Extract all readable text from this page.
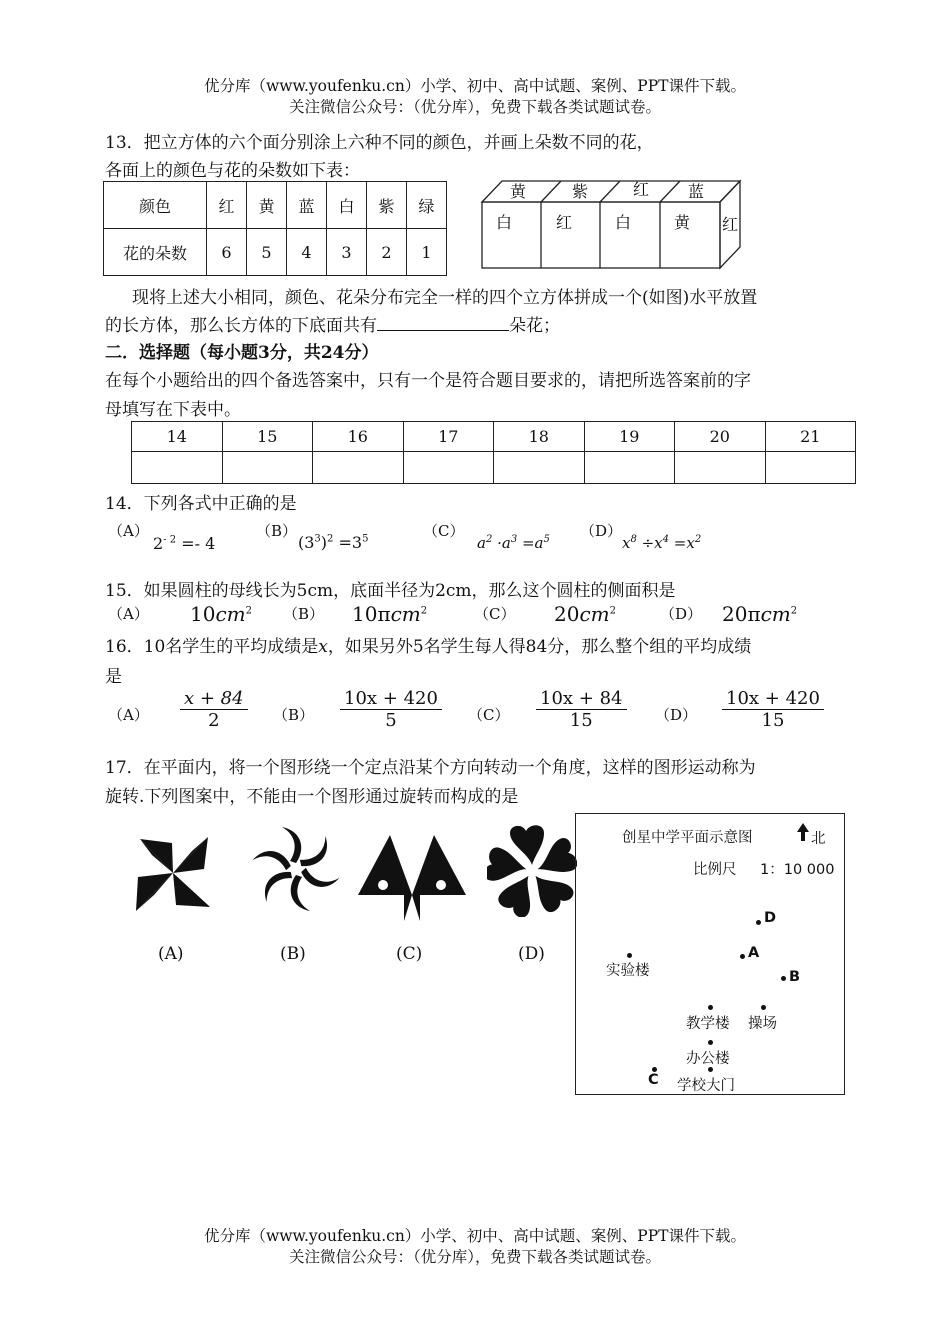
优分库（www.youfenku.cn）小学、初中、高中试题、案例、PPT课件下载。
关注微信公众号：（优分库），免费下载各类试题试卷。
13．把立方体的六个面分别涂上六种不同的颜色，并画上朵数不同的花，
各面上的颜色与花的朵数如下表：
颜色	红	黄	蓝	白	紫	绿
花的朵数	6	5	4	3	2	1
黄	紫	红 蓝
白	红	白	黄 红
现将上述大小相同，颜色、花朵分布完全一样的四个立方体拼成一个(如图)水平放置
的长方体，那么长方体的下底面共有	朵花；
二．选择题（每小题3分，共24分）
在每个小题给出的四个备选答案中，只有一个是符合题目要求的，请把所选答案前的字
母填写在下表中。
14	15	16	17	18	19	20	21

14．下列各式中正确的是
（A）	（B）	（C）	（D）
$2^{- 2} =- 4$	$(3^3)^2 =3^5$	$a^2 \cdot a^3 =a^5$	$x^8 \div x^4 =x^2$
15．如果圆柱的母线长为5cm，底面半径为2cm，那么这个圆柱的侧面积是
（A）	（B）	（C）	（D）
$10cm^2$	10πcm$^2$	$20cm^2$	20πcm$^2$
16．10名学生的平均成绩是x，如果另外5名学生每人得84分，那么整个组的平均成绩
是
（A）	（B）	（C）	（D）
$\frac{x + 84}{2}$	$\frac{10x + 420}{5}$	$\frac{10x + 84}{15}$	$\frac{10x + 420}{15}$
17．在平面内，将一个图形绕一个定点沿某个方向转动一个角度，这样的图形运动称为
旋转.下列图案中，不能由一个图形通过旋转而构成的是
(A)	(B)	(C)	(D)
创星中学平面示意图	北
比例尺 1：10 000
D
A
B
实验楼
教学楼 操场
办公楼
C 学校大门
优分库（www.youfenku.cn）小学、初中、高中试题、案例、PPT课件下载。
关注微信公众号：（优分库），免费下载各类试题试卷。
